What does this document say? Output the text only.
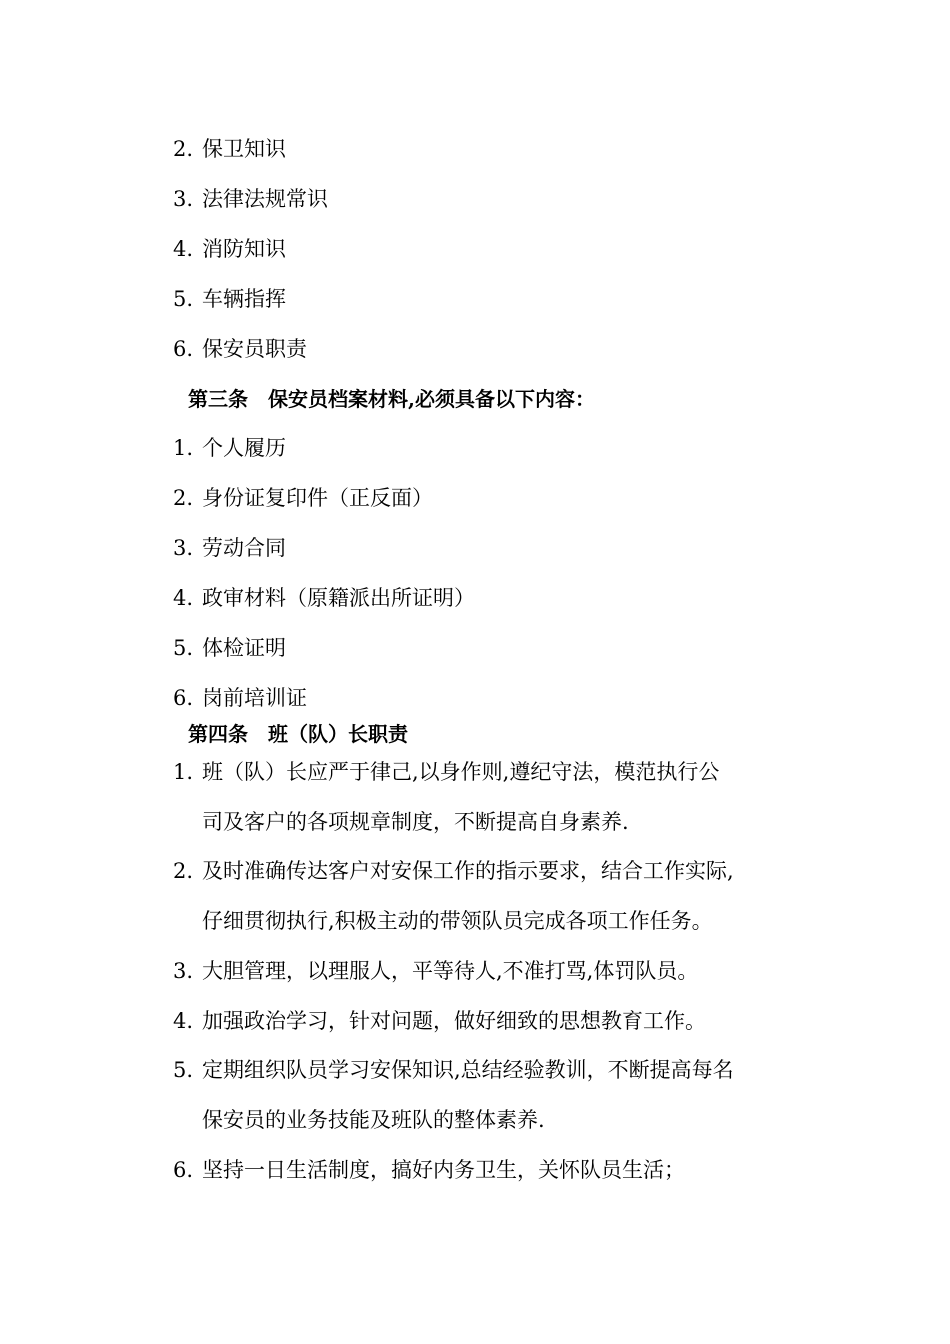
2. 保卫知识
3. 法律法规常识
4. 消防知识
5. 车辆指挥
6. 保安员职责
第三条 保安员档案材料,必须具备以下内容：
1. 个人履历
2. 身份证复印件（正反面）
3. 劳动合同
4. 政审材料（原籍派出所证明）
5. 体检证明
6. 岗前培训证
第四条 班（队）长职责
1. 班（队）长应严于律己,以身作则,遵纪守法，模范执行公
司及客户的各项规章制度，不断提高自身素养.
2. 及时准确传达客户对安保工作的指示要求，结合工作实际,
仔细贯彻执行,积极主动的带领队员完成各项工作任务。
3. 大胆管理，以理服人，平等待人,不准打骂,体罚队员。
4. 加强政治学习，针对问题，做好细致的思想教育工作。
5. 定期组织队员学习安保知识,总结经验教训，不断提高每名
保安员的业务技能及班队的整体素养.
6. 坚持一日生活制度，搞好内务卫生，关怀队员生活；
